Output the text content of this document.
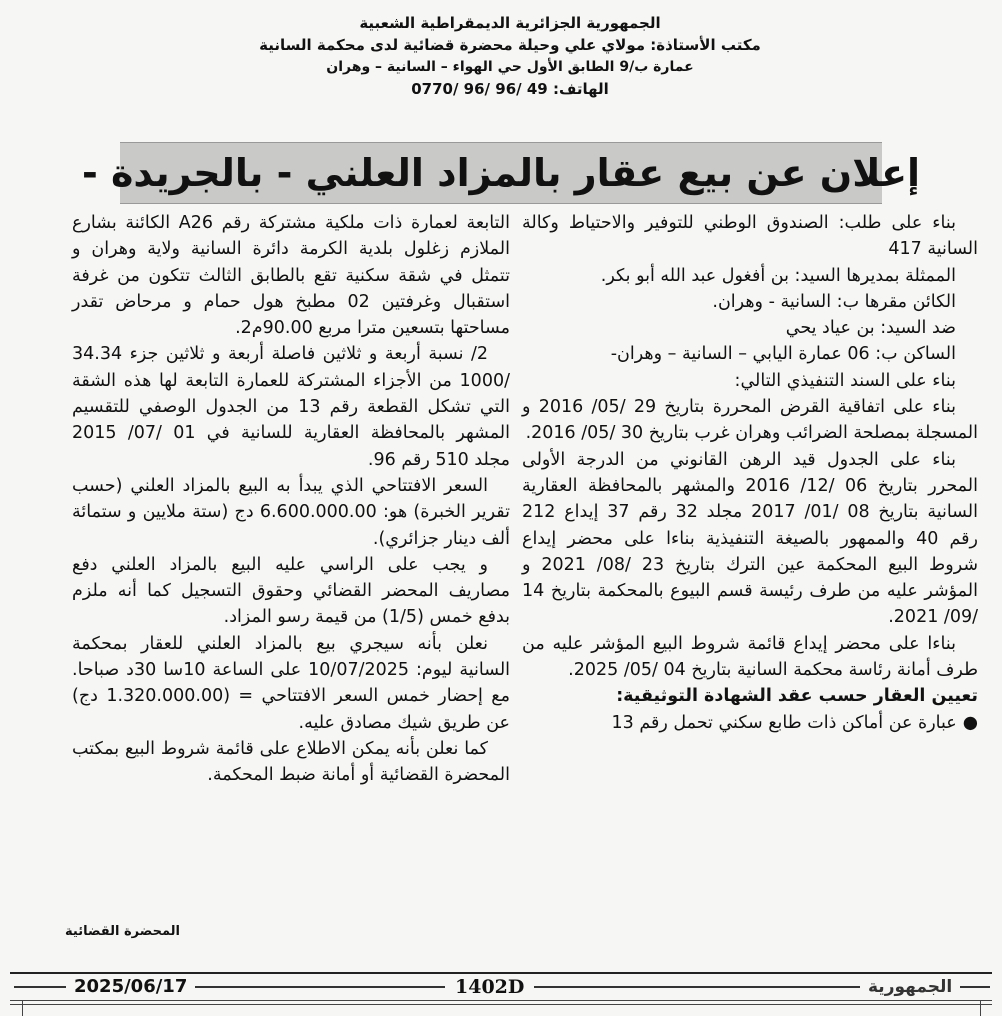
الجمهورية الجزائرية الديمقراطية الشعبية
مكتب الأستاذة: مولاي علي وحيلة محضرة قضائية لدى محكمة السانية
عمارة ب/9 الطابق الأول حي الهواء – السانية – وهران
الهاتف: 0770/ 96/ 96/ 49
إعلان عن بيع عقار بالمزاد العلني - بالجريدة -

بناء على طلب: الصندوق الوطني للتوفير والاحتياط وكالة السانية 417

الممثلة بمديرها السيد: بن أفغول عبد الله أبو بكر.

الكائن مقرها ب: السانية - وهران.

ضد السيد: بن عياد يحي

الساكن ب: 06 عمارة اليابي – السانية – وهران-

بناء على السند التنفيذي التالي:

بناء على اتفاقية القرض المحررة بتاريخ 29 /05/ 2016 و المسجلة بمصلحة الضرائب وهران غرب بتاريخ 30 /05/ 2016.

بناء على الجدول قيد الرهن القانوني من الدرجة الأولى المحرر بتاريخ 06 /12/ 2016 والمشهر بالمحافظة العقارية السانية بتاريخ 08 /01/ 2017 مجلد 32 رقم 37 إيداع 212 رقم 40 والممهور بالصيغة التنفيذية بناءا على محضر إيداع شروط البيع المحكمة عين الترك بتاريخ 23 /08/ 2021 و المؤشر عليه من طرف رئيسة قسم البيوع بالمحكمة بتاريخ 14 /09/ 2021.

بناءا على محضر إيداع قائمة شروط البيع المؤشر عليه من طرف أمانة رئاسة محكمة السانية بتاريخ 04 /05/ 2025.

تعيين العقار حسب عقد الشهادة التوثيقية:

●عبارة عن أماكن ذات طابع سكني تحمل رقم 13

التابعة لعمارة ذات ملكية مشتركة رقم A26 الكائنة بشارع الملازم زغلول بلدية الكرمة دائرة السانية ولاية وهران و تتمثل في شقة سكنية تقع بالطابق الثالث تتكون من غرفة استقبال وغرفتين 02 مطبخ هول حمام و مرحاض تقدر مساحتها بتسعين مترا مربع 90.00م2.

2/ نسبة أربعة و ثلاثين فاصلة أربعة و ثلاثين جزء 34.34 /1000 من الأجزاء المشتركة للعمارة التابعة لها هذه الشقة التي تشكل القطعة رقم 13 من الجدول الوصفي للتقسيم المشهر بالمحافظة العقارية للسانية في 01 /07/ 2015 مجلد 510 رقم 96.

السعر الافتتاحي الذي يبدأ به البيع بالمزاد العلني (حسب تقرير الخبرة) هو: 6.600.000.00 دج (ستة ملايين و ستمائة ألف دينار جزائري).

و يجب على الراسي عليه البيع بالمزاد العلني دفع مصاريف المحضر القضائي وحقوق التسجيل كما أنه ملزم بدفع خمس (1/5) من قيمة رسو المزاد.

نعلن بأنه سيجري بيع بالمزاد العلني للعقار بمحكمة السانية ليوم: 10/07/2025 على الساعة 10سا 30د صباحا. مع إحضار خمس السعر الافتتاحي = (1.320.000.00 دج) عن طريق شيك مصادق عليه.

كما نعلن بأنه يمكن الاطلاع على قائمة شروط البيع بمكتب المحضرة القضائية أو أمانة ضبط المحكمة.

المحضرة القضائية
2025/06/17	1402D	الجمهورية
